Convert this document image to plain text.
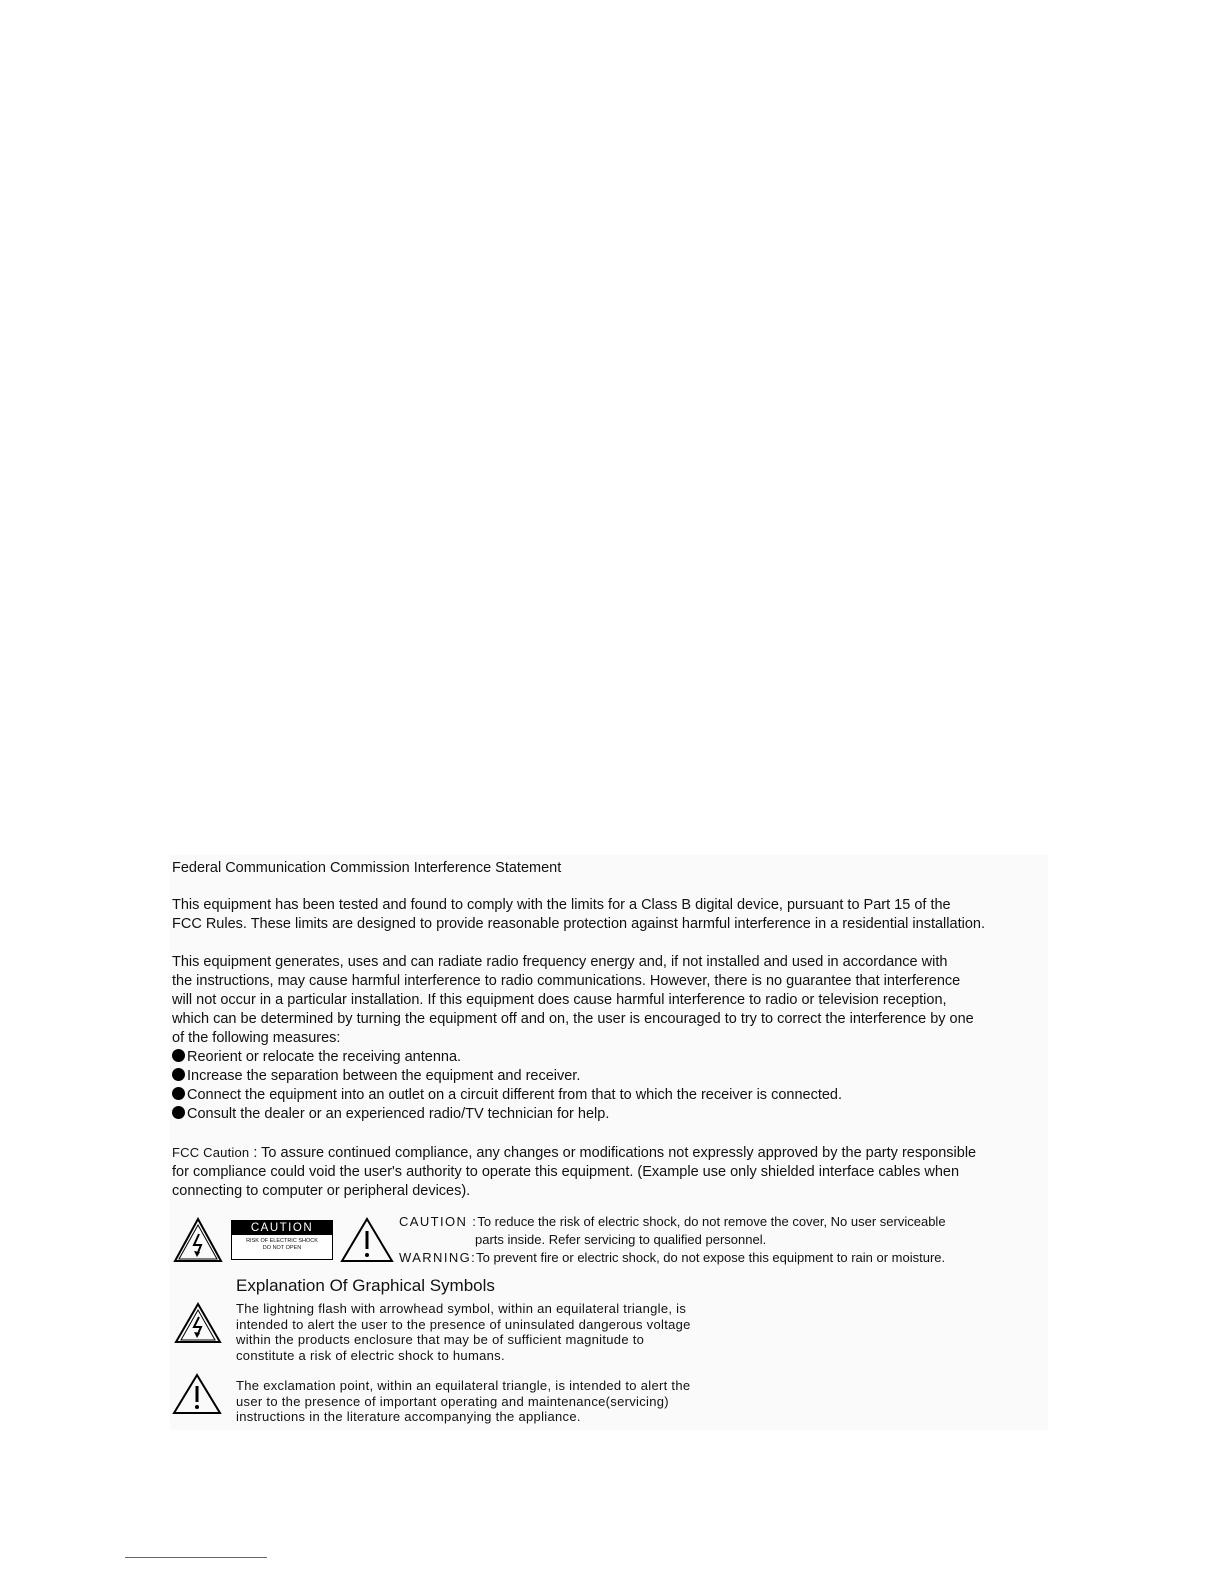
Federal Communication Commission Interference Statement
This equipment has been tested and found to comply with the limits for a Class B digital device, pursuant to Part 15 of the
FCC Rules. These limits are designed to provide reasonable protection against harmful interference in a residential installation.
This equipment generates, uses and can radiate radio frequency energy and, if not installed and used in accordance with
the instructions, may cause harmful interference to radio communications. However, there is no guarantee that interference
will not occur in a particular installation. If this equipment does cause harmful interference to radio or television reception,
which can be determined by turning the equipment off and on, the user is encouraged to try to correct the interference by one
of the following measures:
Reorient or relocate the receiving antenna.
Increase the separation between the equipment and receiver.
Connect the equipment into an outlet on a circuit different from that to which the receiver is connected.
Consult the dealer or an experienced radio/TV technician for help.
FCC Caution : To assure continued compliance, any changes or modifications not expressly approved by the party responsible
for compliance could void the user's authority to operate this equipment. (Example use only shielded interface cables when
connecting to computer or peripheral devices).
CAUTION
RISK OF ELECTRIC SHOCK
DO NOT OPEN
CAUTION :To reduce the risk of electric shock, do not remove the cover, No user serviceable
parts inside. Refer servicing to qualified personnel.
WARNING:To prevent fire or electric shock, do not expose this equipment to rain or moisture.
Explanation Of Graphical Symbols
The lightning flash with arrowhead symbol, within an equilateral triangle, is
intended to alert the user to the presence of uninsulated dangerous voltage
within the products enclosure that may be of sufficient magnitude to
constitute a risk of electric shock to humans.
The exclamation point, within an equilateral triangle, is intended to alert the
user to the presence of important operating and maintenance(servicing)
instructions in the literature accompanying the appliance.
